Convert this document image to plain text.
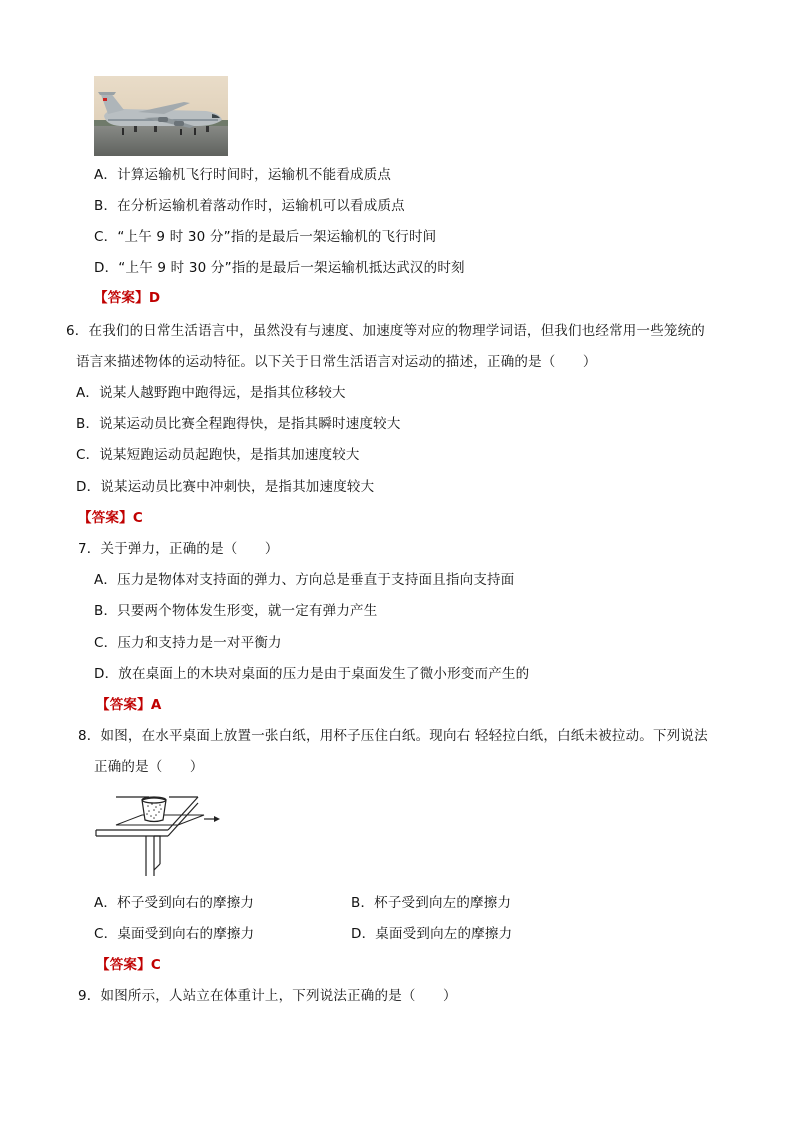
A．计算运输机飞行时间时，运输机不能看成质点
B．在分析运输机着落动作时，运输机可以看成质点
C．“上午 9 时 30 分”指的是最后一架运输机的飞行时间
D．“上午 9 时 30 分”指的是最后一架运输机抵达武汉的时刻
【答案】D
6．在我们的日常生活语言中，虽然没有与速度、加速度等对应的物理学词语，但我们也经常用一些笼统的
语言来描述物体的运动特征。以下关于日常生活语言对运动的描述，正确的是（　　）
A．说某人越野跑中跑得远，是指其位移较大
B．说某运动员比赛全程跑得快，是指其瞬时速度较大
C．说某短跑运动员起跑快，是指其加速度较大
D．说某运动员比赛中冲刺快，是指其加速度较大
【答案】C
7．关于弹力，正确的是（　　）
A．压力是物体对支持面的弹力、方向总是垂直于支持面且指向支持面
B．只要两个物体发生形变，就一定有弹力产生
C．压力和支持力是一对平衡力
D．放在桌面上的木块对桌面的压力是由于桌面发生了微小形变而产生的
【答案】A
8．如图，在水平桌面上放置一张白纸，用杯子压住白纸。现向右 轻轻拉白纸，白纸未被拉动。下列说法
正确的是（　　）
A．杯子受到向右的摩擦力	B．杯子受到向左的摩擦力
C．桌面受到向右的摩擦力	D．桌面受到向左的摩擦力
【答案】C
9．如图所示，人站立在体重计上，下列说法正确的是（　　）
